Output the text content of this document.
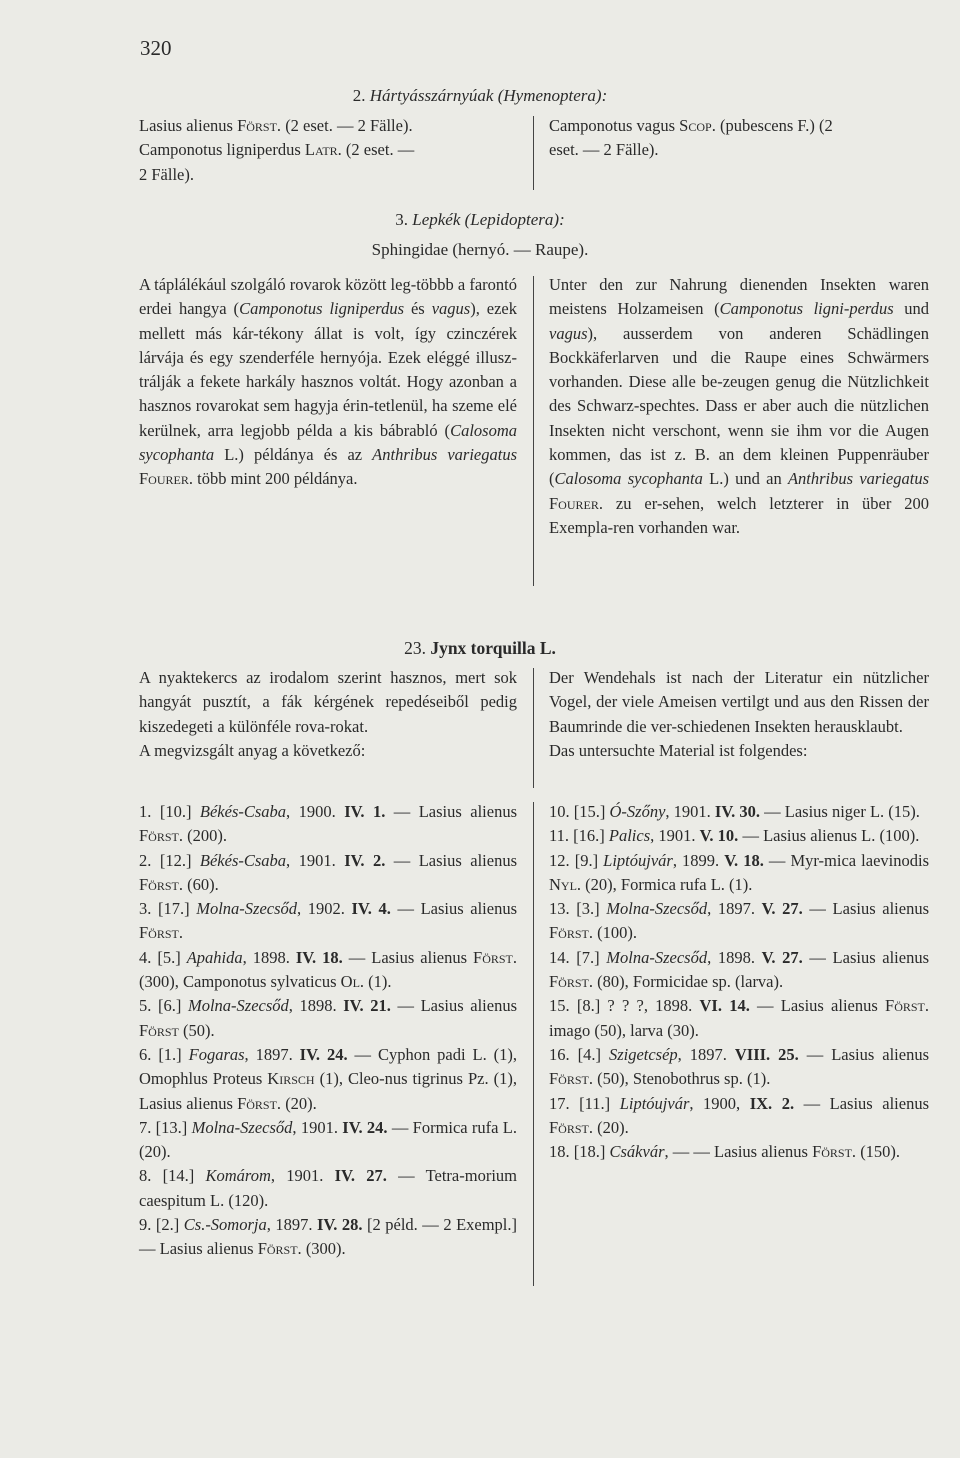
320
2. Hártyásszárnyúak (Hymenoptera):
Lasius alienus Först. (2 eset. — 2 Fälle).
Camponotus ligniperdus Latr. (2 eset. —
2 Fälle).
Camponotus vagus Scop. (pubescens F.) (2
eset. — 2 Fälle).
3. Lepkék (Lepidoptera):
Sphingidae (hernyó. — Raupe).
A táplálékául szolgáló rovarok között leg-többb a farontó erdei hangya (Camponotus ligniperdus és vagus), ezek mellett más kár-tékony állat is volt, így czinczérek lárvája és egy szenderféle hernyója. Ezek eléggé illusz-trálják a fekete harkály hasznos voltát. Hogy azonban a hasznos rovarokat sem hagyja érin-tetlenül, ha szeme elé kerülnek, arra legjobb példa a kis bábrabló (Calosoma sycophanta L.) példánya és az Anthribus variegatus Fourer. több mint 200 példánya.
Unter den zur Nahrung dienenden Insekten waren meistens Holzameisen (Camponotus ligni-perdus und vagus), ausserdem von anderen Schädlingen Bockkäferlarven und die Raupe eines Schwärmers vorhanden. Diese alle be-zeugen genug die Nützlichkeit des Schwarz-spechtes. Dass er aber auch die nützlichen Insekten nicht verschont, wenn sie ihm vor die Augen kommen, das ist z. B. an dem kleinen Puppenräuber (Calosoma sycophanta L.) und an Anthribus variegatus Fourer. zu er-sehen, welch letzterer in über 200 Exempla-ren vorhanden war.
23. Jynx torquilla L.

A nyaktekercs az irodalom szerint hasznos, mert sok hangyát pusztít, a fák kérgének repedéseiből pedig kiszedegeti a különféle rova-rokat.

A megvizsgált anyag a következő:

Der Wendehals ist nach der Literatur ein nützlicher Vogel, der viele Ameisen vertilgt und aus den Rissen der Baumrinde die ver-schiedenen Insekten herausklaubt.

Das untersuchte Material ist folgendes:

1. [10.] Békés-Csaba, 1900. IV. 1. — Lasius alienus Först. (200).

2. [12.] Békés-Csaba, 1901. IV. 2. — Lasius alienus Först. (60).

3. [17.] Molna-Szecsőd, 1902. IV. 4. — Lasius alienus Först.

4. [5.] Apahida, 1898. IV. 18. — Lasius alienus Först. (300), Camponotus sylvaticus Ol. (1).

5. [6.] Molna-Szecsőd, 1898. IV. 21. — Lasius alienus Först (50).

6. [1.] Fogaras, 1897. IV. 24. — Cyphon padi L. (1), Omophlus Proteus Kirsch (1), Cleo-nus tigrinus Pz. (1), Lasius alienus Först. (20).

7. [13.] Molna-Szecsőd, 1901. IV. 24. — Formica rufa L. (20).

8. [14.] Komárom, 1901. IV. 27. — Tetra-morium caespitum L. (120).

9. [2.] Cs.-Somorja, 1897. IV. 28. [2 péld. — 2 Exempl.] — Lasius alienus Först. (300).

10. [15.] Ó-Szőny, 1901. IV. 30. — Lasius niger L. (15).

11. [16.] Palics, 1901. V. 10. — Lasius alienus L. (100).

12. [9.] Liptóujvár, 1899. V. 18. — Myr-mica laevinodis Nyl. (20), Formica rufa L. (1).

13. [3.] Molna-Szecsőd, 1897. V. 27. — Lasius alienus Först. (100).

14. [7.] Molna-Szecsőd, 1898. V. 27. — Lasius alienus Först. (80), Formicidae sp. (larva).

15. [8.] ? ? ?, 1898. VI. 14. — Lasius alienus Först. imago (50), larva (30).

16. [4.] Szigetcsép, 1897. VIII. 25. — Lasius alienus Först. (50), Stenobothrus sp. (1).

17. [11.] Liptóujvár, 1900, IX. 2. — Lasius alienus Först. (20).

18. [18.] Csákvár, — — Lasius alienus Först. (150).
